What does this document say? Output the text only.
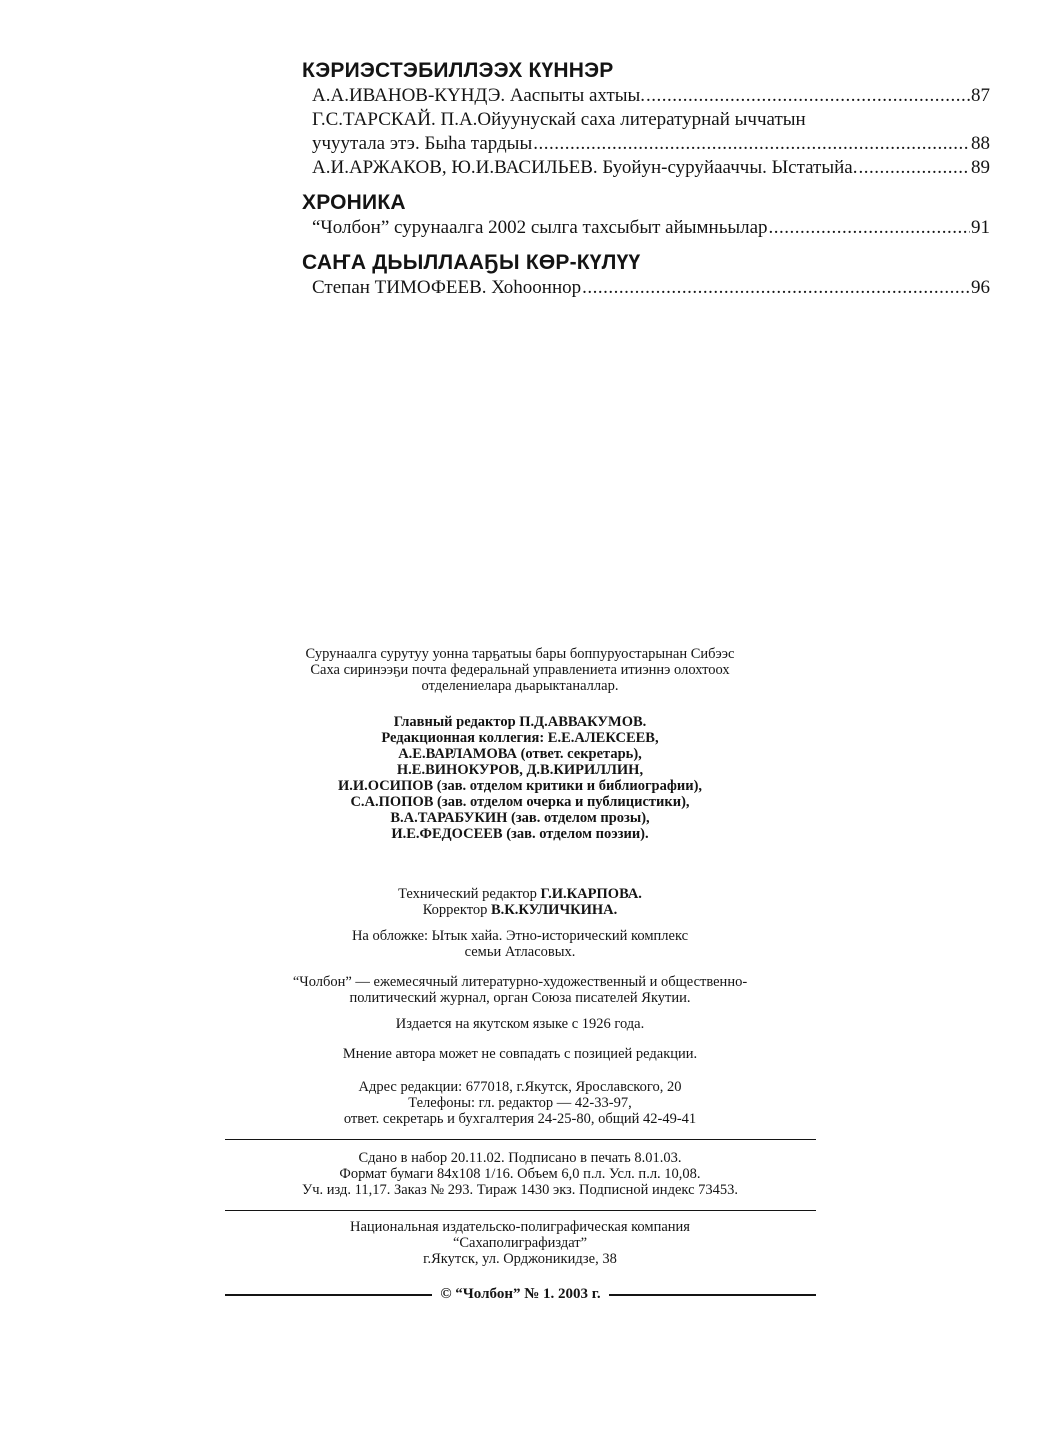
КЭРИЭСТЭБИЛЛЭЭХ КҮННЭР
А.А.ИВАНОВ-КҮНДЭ. Ааспыты ахтыы. .....	87
Г.С.ТАРСКАЙ. П.А.Ойуунускай саха литературнай ыччатын
учуутала этэ. Быhа тардыы .....	88
А.И.АРЖАКОВ, Ю.И.ВАСИЛЬЕВ. Буойун-суруйааччы. Ыстатыйа. .....	89
ХРОНИКА
“Чолбон” сурунаалга 2002 сылга тахсыбыт айымньылар .....	91
САҤА ДЬЫЛЛААҔЫ КӨР-КҮЛҮҮ
Степан ТИМОФЕЕВ. Хоhооннор .....	96

Сурунаалга сурутуу уонна тарҕатыы бары боппуруостарынан Сибээс

Саха сиринээҕи почта федеральнай управлениета итиэннэ олохтоох

отделениелара дьарыктаналлар.

Главный редактор П.Д.АВВАКУМОВ.

Редакционная коллегия: Е.Е.АЛЕКСЕЕВ,

А.Е.ВАРЛАМОВА (ответ. секретарь),

Н.Е.ВИНОКУРОВ, Д.В.КИРИЛЛИН,

И.И.ОСИПОВ (зав. отделом критики и библиографии),

С.А.ПОПОВ (зав. отделом очерка и публицистики),

В.А.ТАРАБУКИН (зав. отделом прозы),

И.Е.ФЕДОСЕЕВ (зав. отделом поэзии).

Технический редактор Г.И.КАРПОВА.

Корректор В.К.КУЛИЧКИНА.

На обложке: Ытык хайа. Этно-исторический комплекс

семьи Атласовых.

“Чолбон” — ежемесячный литературно-художественный и общественно-

политический журнал, орган Союза писателей Якутии.

Издается на якутском языке с 1926 года.

Мнение автора может не совпадать с позицией редакции.

Адрес редакции: 677018, г.Якутск, Ярославского, 20

Телефоны: гл. редактор — 42-33-97,

ответ. секретарь и бухгалтерия 24-25-80, общий 42-49-41

Сдано в набор 20.11.02. Подписано в печать 8.01.03.

Формат бумаги 84х108 1/16. Объем 6,0 п.л. Усл. п.л. 10,08.

Уч. изд. 11,17. Заказ № 293. Тираж 1430 экз. Подписной индекс 73453.

Национальная издательско-полиграфическая компания

“Сахаполиграфиздат”

г.Якутск, ул. Орджоникидзе, 38

© “Чолбон” № 1. 2003 г.
